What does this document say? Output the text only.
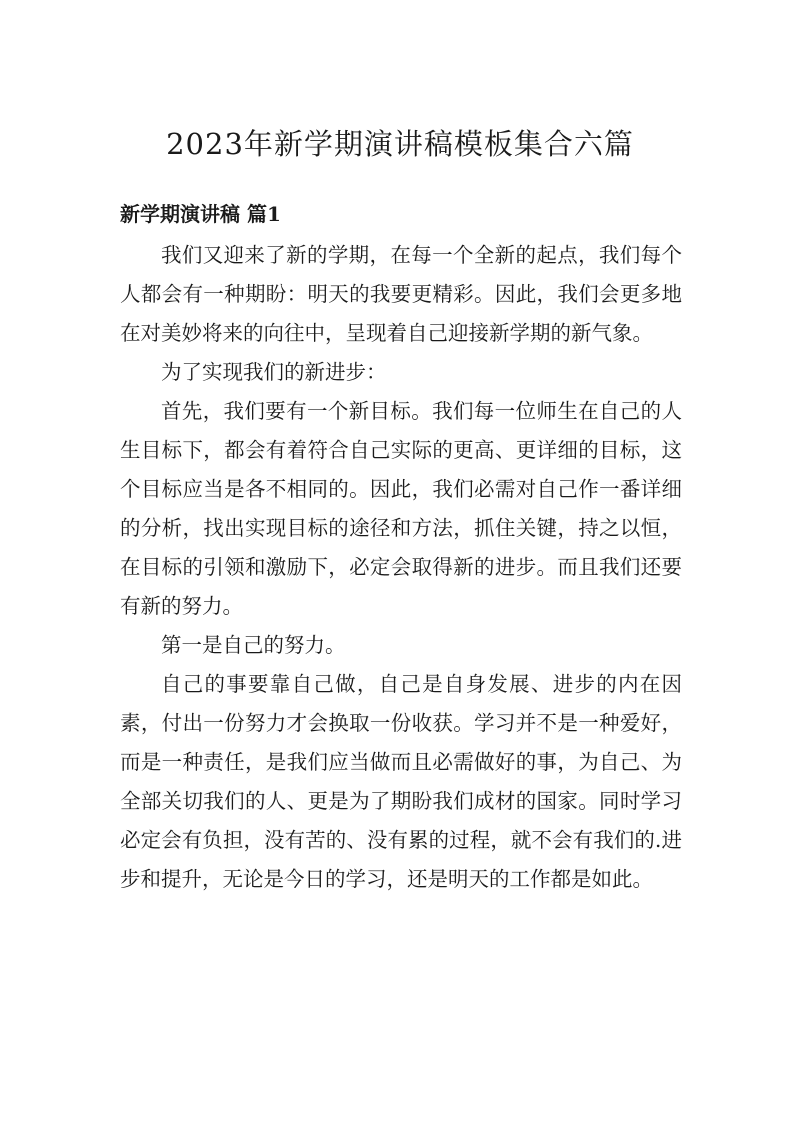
2023年新学期演讲稿模板集合六篇
新学期演讲稿 篇1

我们又迎来了新的学期，在每一个全新的起点，我们每个人都会有一种期盼：明天的我要更精彩。因此，我们会更多地在对美妙将来的向往中，呈现着自己迎接新学期的新气象。

为了实现我们的新进步：

首先，我们要有一个新目标。我们每一位师生在自己的人生目标下，都会有着符合自己实际的更高、更详细的目标，这个目标应当是各不相同的。因此，我们必需对自己作一番详细的分析，找出实现目标的途径和方法，抓住关键，持之以恒，在目标的引领和激励下，必定会取得新的进步。而且我们还要有新的努力。

第一是自己的努力。

自己的事要靠自己做，自己是自身发展、进步的内在因素，付出一份努力才会换取一份收获。学习并不是一种爱好，而是一种责任，是我们应当做而且必需做好的事，为自己、为全部关切我们的人、更是为了期盼我们成材的国家。同时学习必定会有负担，没有苦的、没有累的过程，就不会有我们的.进步和提升，无论是今日的学习，还是明天的工作都是如此。
